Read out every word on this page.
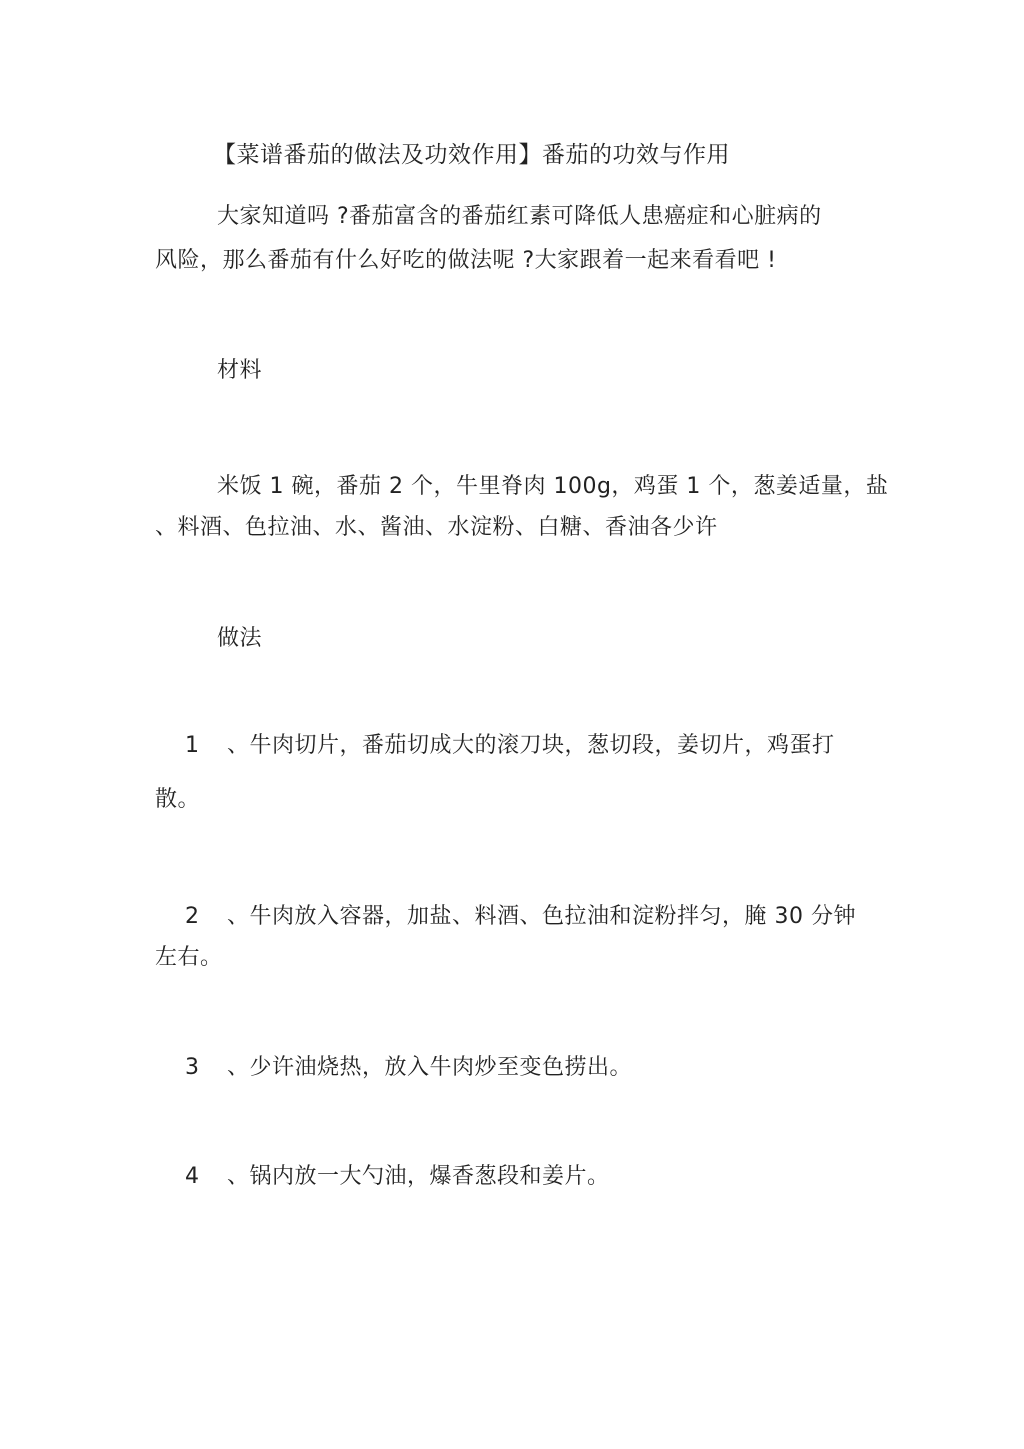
【菜谱番茄的做法及功效作用】番茄的功效与作用
大家知道吗 ?番茄富含的番茄红素可降低人患癌症和心脏病的
风险，那么番茄有什么好吃的做法呢 ?大家跟着一起来看看吧 !
材料
米饭 1 碗，番茄 2 个，牛里脊肉 100g，鸡蛋 1 个，葱姜适量，盐
、料酒、色拉油、水、酱油、水淀粉、白糖、香油各少许
做法
1 、牛肉切片，番茄切成大的滚刀块，葱切段，姜切片，鸡蛋打
散。
2 、牛肉放入容器，加盐、料酒、色拉油和淀粉拌匀，腌 30 分钟
左右。
3 、少许油烧热，放入牛肉炒至变色捞出。
4 、锅内放一大勺油，爆香葱段和姜片。
